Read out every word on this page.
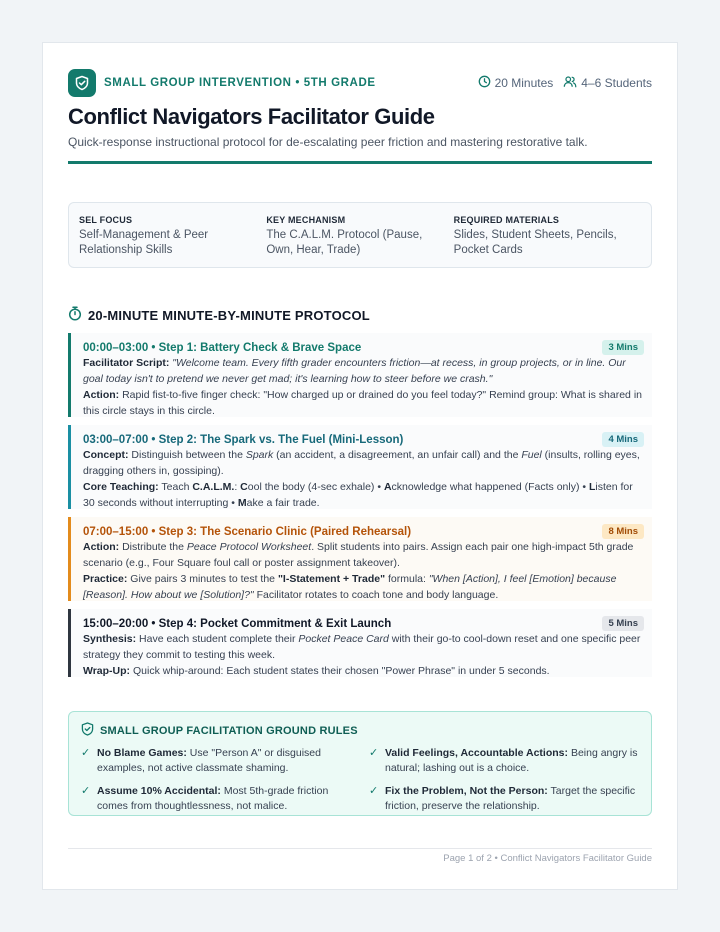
SMALL GROUP INTERVENTION • 5TH GRADE	20 Minutes 4–6 Students
Conflict Navigators Facilitator Guide
Quick-response instructional protocol for de-escalating peer friction and mastering restorative talk.
SEL FOCUS
Self-Management & Peer Relationship Skills
KEY MECHANISM
The C.A.L.M. Protocol (Pause, Own, Hear, Trade)
REQUIRED MATERIALS
Slides, Student Sheets, Pencils, Pocket Cards
20-MINUTE MINUTE-BY-MINUTE PROTOCOL
00:00–03:00 • Step 1: Battery Check & Brave Space	3 Mins

Facilitator Script: "Welcome team. Every fifth grader encounters friction—at recess, in group projects, or in line. Our goal today isn't to pretend we never get mad; it's learning how to steer before we crash."

Action: Rapid fist-to-five finger check: "How charged up or drained do you feel today?" Remind group: What is shared in this circle stays in this circle.

03:00–07:00 • Step 2: The Spark vs. The Fuel (Mini-Lesson)	4 Mins

Concept: Distinguish between the Spark (an accident, a disagreement, an unfair call) and the Fuel (insults, rolling eyes, dragging others in, gossiping).

Core Teaching: Teach C.A.L.M.: Cool the body (4-sec exhale) • Acknowledge what happened (Facts only) • Listen for 30 seconds without interrupting • Make a fair trade.

07:00–15:00 • Step 3: The Scenario Clinic (Paired Rehearsal)	8 Mins

Action: Distribute the Peace Protocol Worksheet. Split students into pairs. Assign each pair one high-impact 5th grade scenario (e.g., Four Square foul call or poster assignment takeover).

Practice: Give pairs 3 minutes to test the "I-Statement + Trade" formula: "When [Action], I feel [Emotion] because [Reason]. How about we [Solution]?" Facilitator rotates to coach tone and body language.

15:00–20:00 • Step 4: Pocket Commitment & Exit Launch	5 Mins

Synthesis: Have each student complete their Pocket Peace Card with their go-to cool-down reset and one specific peer strategy they commit to testing this week.

Wrap-Up: Quick whip-around: Each student states their chosen "Power Phrase" in under 5 seconds.

SMALL GROUP FACILITATION GROUND RULES
✓ No Blame Games: Use "Person A" or disguised examples, not active classmate shaming.
✓ Valid Feelings, Accountable Actions: Being angry is natural; lashing out is a choice.
✓ Assume 10% Accidental: Most 5th-grade friction comes from thoughtlessness, not malice.
✓ Fix the Problem, Not the Person: Target the specific friction, preserve the relationship.
Page 1 of 2 • Conflict Navigators Facilitator Guide
